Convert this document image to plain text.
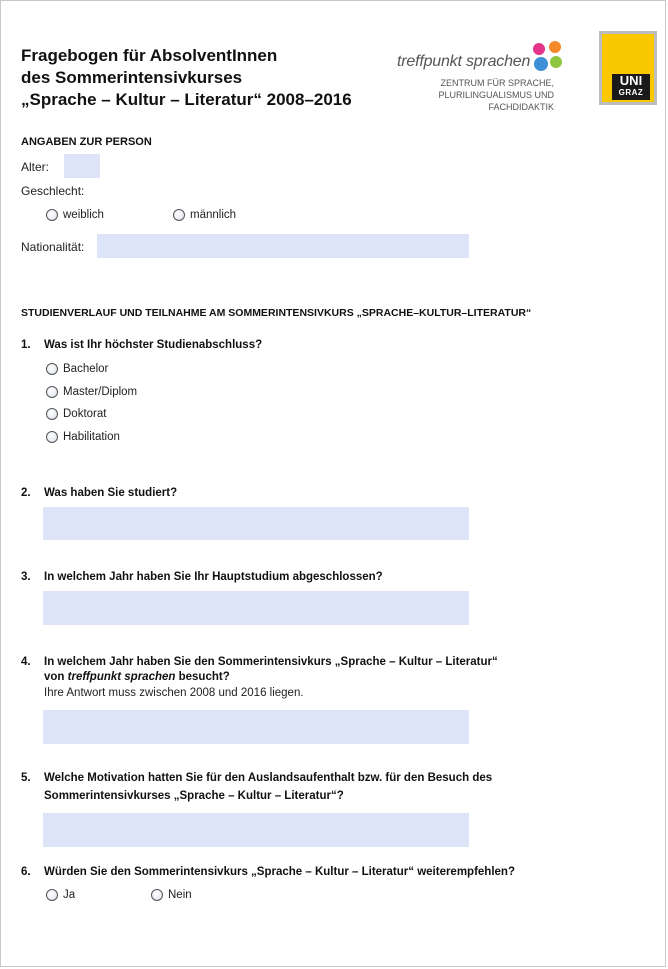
Fragebogen für AbsolventInnen
des Sommerintensivkurses
„Sprache – Kultur – Literatur“ 2008–2016
treffpunkt sprachen
ZENTRUM FÜR SPRACHE,
PLURILINGUALISMUS UND FACHDIDAKTIK
UNI
GRAZ
ANGABEN ZUR PERSON
Alter:
Geschlecht:
weiblich	männlich
Nationalität:
STUDIENVERLAUF UND TEILNAHME AM SOMMERINTENSIVKURS „SPRACHE–KULTUR–LITERATUR“
1. Was ist Ihr höchster Studienabschluss?
Bachelor
Master/Diplom
Doktorat
Habilitation
2. Was haben Sie studiert?
3. In welchem Jahr haben Sie Ihr Hauptstudium abgeschlossen?
4. In welchem Jahr haben Sie den Sommerintensivkurs „Sprache – Kultur – Literatur“
von treffpunkt sprachen besucht?
Ihre Antwort muss zwischen 2008 und 2016 liegen.
5. Welche Motivation hatten Sie für den Auslandsaufenthalt bzw. für den Besuch des
Sommerintensivkurses „Sprache – Kultur – Literatur“?
6. Würden Sie den Sommerintensivkurs „Sprache – Kultur – Literatur“ weiterempfehlen?
Ja	Nein
